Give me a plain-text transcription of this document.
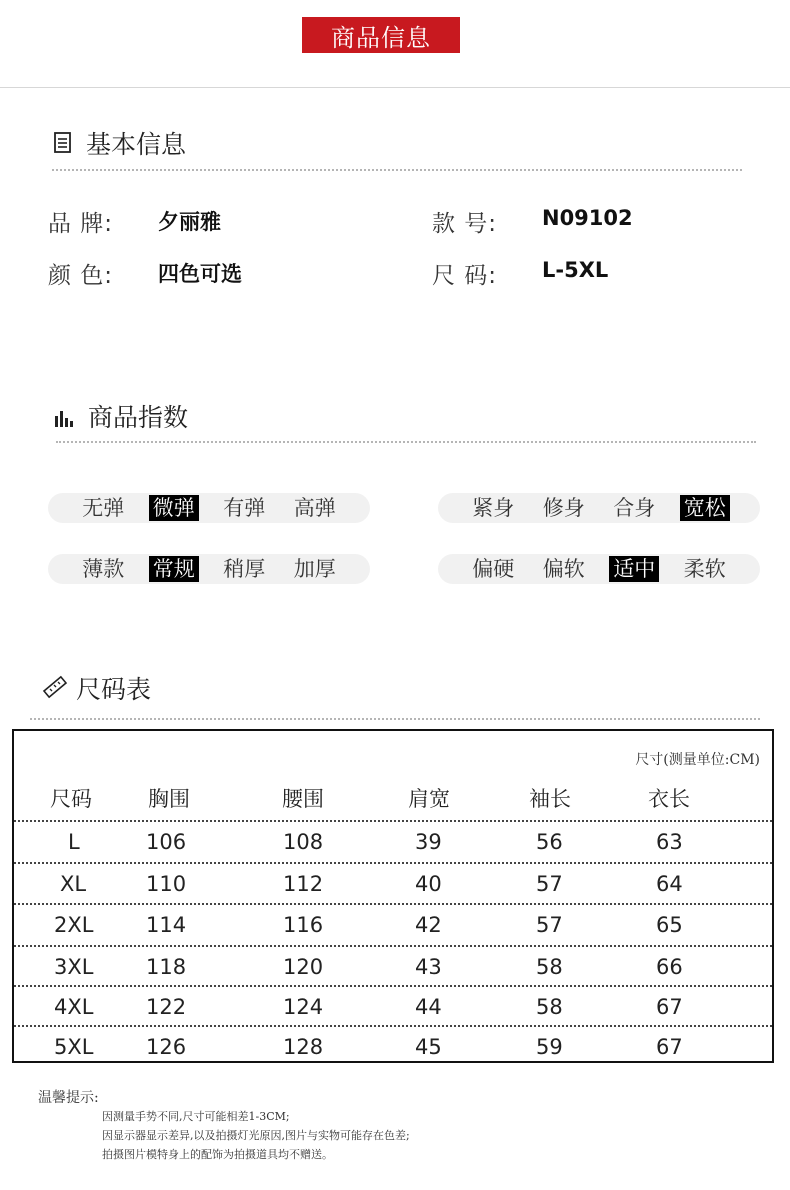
商品信息
基本信息
品 牌: 夕丽雅	款 号: N09102
颜 色: 四色可选	尺 码: L-5XL
商品指数
无弹 微弹 有弹 高弹	紧身 修身 合身 宽松
薄款 常规 稍厚 加厚	偏硬 偏软 适中 柔软
尺码表
尺寸(测量单位:CM)
尺码	胸围	腰围	肩宽	袖长	衣长
L	106	108	39	56	63
XL	110	112	40	57	64
2XL	114	116	42	57	65
3XL	118	120	43	58	66
4XL	122	124	44	58	67
5XL	126	128	45	59	67
温馨提示:
因测量手势不同,尺寸可能相差1-3CM;
因显示器显示差异,以及拍摄灯光原因,图片与实物可能存在色差;
拍摄图片模特身上的配饰为拍摄道具均不赠送。
